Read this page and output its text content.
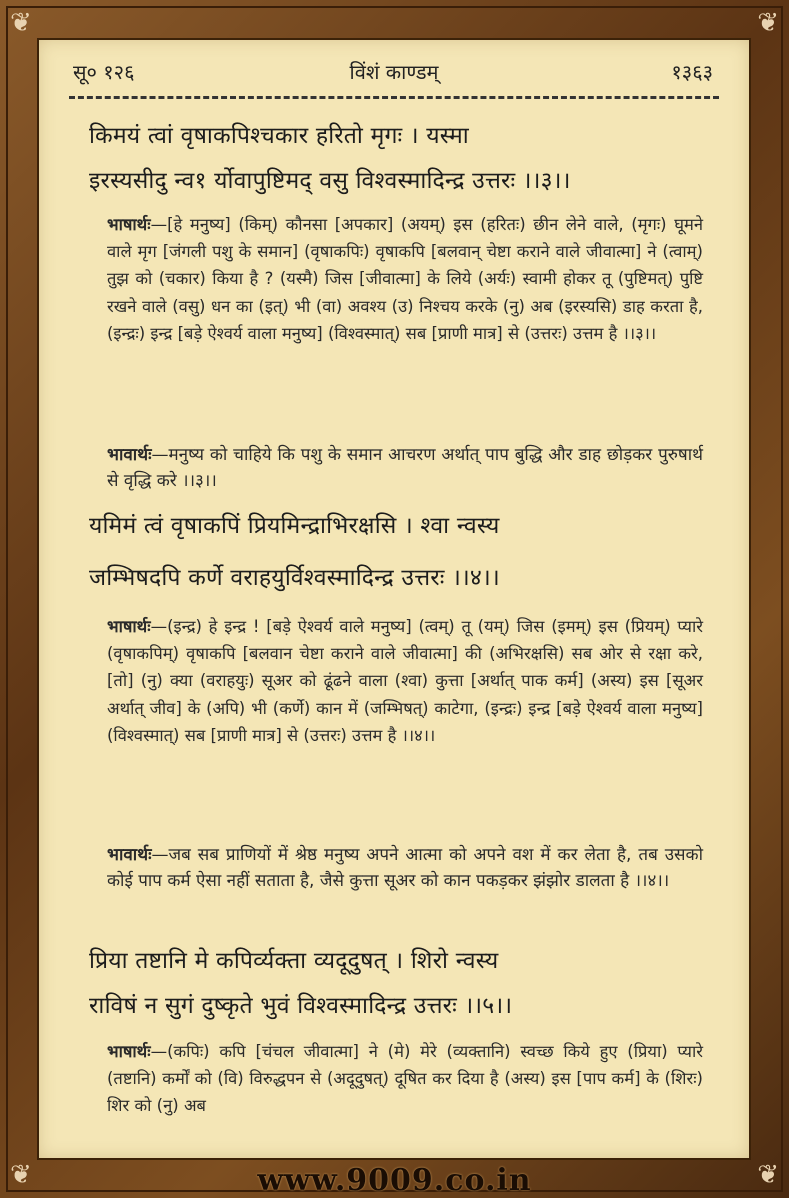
❦	❦
❦	❦
सू० १२६	विंशं काण्डम्	१३६३
किमयं त्वां वृषाकपिश्चकार हरितो मृगः । यस्मा
इरस्यसीदु न्व१ र्योवापुष्टिमद् वसु विश्वस्मादिन्द्र उत्तरः ।।३।।
भाषार्थः—[हे मनुष्य] (किम्) कौनसा [अपकार] (अयम्) इस (हरितः) छीन लेने वाले, (मृगः) घूमने वाले मृग [जंगली पशु के समान] (वृषाकपिः) वृषाकपि [बलवान् चेष्टा कराने वाले जीवात्मा] ने (त्वाम्) तुझ को (चकार) किया है ? (यस्मै) जिस [जीवात्मा] के लिये (अर्यः) स्वामी होकर तू (पुष्टिमत्) पुष्टि रखने वाले (वसु) धन का (इत्) भी (वा) अवश्य (उ) निश्चय करके (नु) अब (इरस्यसि) डाह करता है, (इन्द्रः) इन्द्र [बड़े ऐश्वर्य वाला मनुष्य] (विश्वस्मात्) सब [प्राणी मात्र] से (उत्तरः) उत्तम है ।।३।।
भावार्थः—मनुष्य को चाहिये कि पशु के समान आचरण अर्थात् पाप बुद्धि और डाह छोड़कर पुरुषार्थ से वृद्धि करे ।।३।।
यमिमं त्वं वृषाकपिं प्रियमिन्द्राभिरक्षसि । श्वा न्वस्य
जम्भिषदपि कर्णे वराहयुर्विश्वस्मादिन्द्र उत्तरः ।।४।।
भाषार्थः—(इन्द्र) हे इन्द्र ! [बड़े ऐश्वर्य वाले मनुष्य] (त्वम्) तू (यम्) जिस (इमम्) इस (प्रियम्) प्यारे (वृषाकपिम्) वृषाकपि [बलवान चेष्टा कराने वाले जीवात्मा] की (अभिरक्षसि) सब ओर से रक्षा करे, [तो] (नु) क्या (वराहयुः) सूअर को ढूंढने वाला (श्वा) कुत्ता [अर्थात् पाक कर्म] (अस्य) इस [सूअर अर्थात् जीव] के (अपि) भी (कर्णे) कान में (जम्भिषत्) काटेगा, (इन्द्रः) इन्द्र [बड़े ऐश्वर्य वाला मनुष्य] (विश्वस्मात्) सब [प्राणी मात्र] से (उत्तरः) उत्तम है ।।४।।
भावार्थः—जब सब प्राणियों में श्रेष्ठ मनुष्य अपने आत्मा को अपने वश में कर लेता है, तब उसको कोई पाप कर्म ऐसा नहीं सताता है, जैसे कुत्ता सूअर को कान पकड़कर झंझोर डालता है ।।४।।
प्रिया तष्टानि मे कपिर्व्यक्ता व्यदूदुषत् । शिरो न्वस्य
राविषं न सुगं दुष्कृते भुवं विश्वस्मादिन्द्र उत्तरः ।।५।।
भाषार्थः—(कपिः) कपि [चंचल जीवात्मा] ने (मे) मेरे (व्यक्तानि) स्वच्छ किये हुए (प्रिया) प्यारे (तष्टानि) कर्मों को (वि) विरुद्धपन से (अदूदुषत्) दूषित कर दिया है (अस्य) इस [पाप कर्म] के (शिरः) शिर को (नु) अब
www.9009.co.in
